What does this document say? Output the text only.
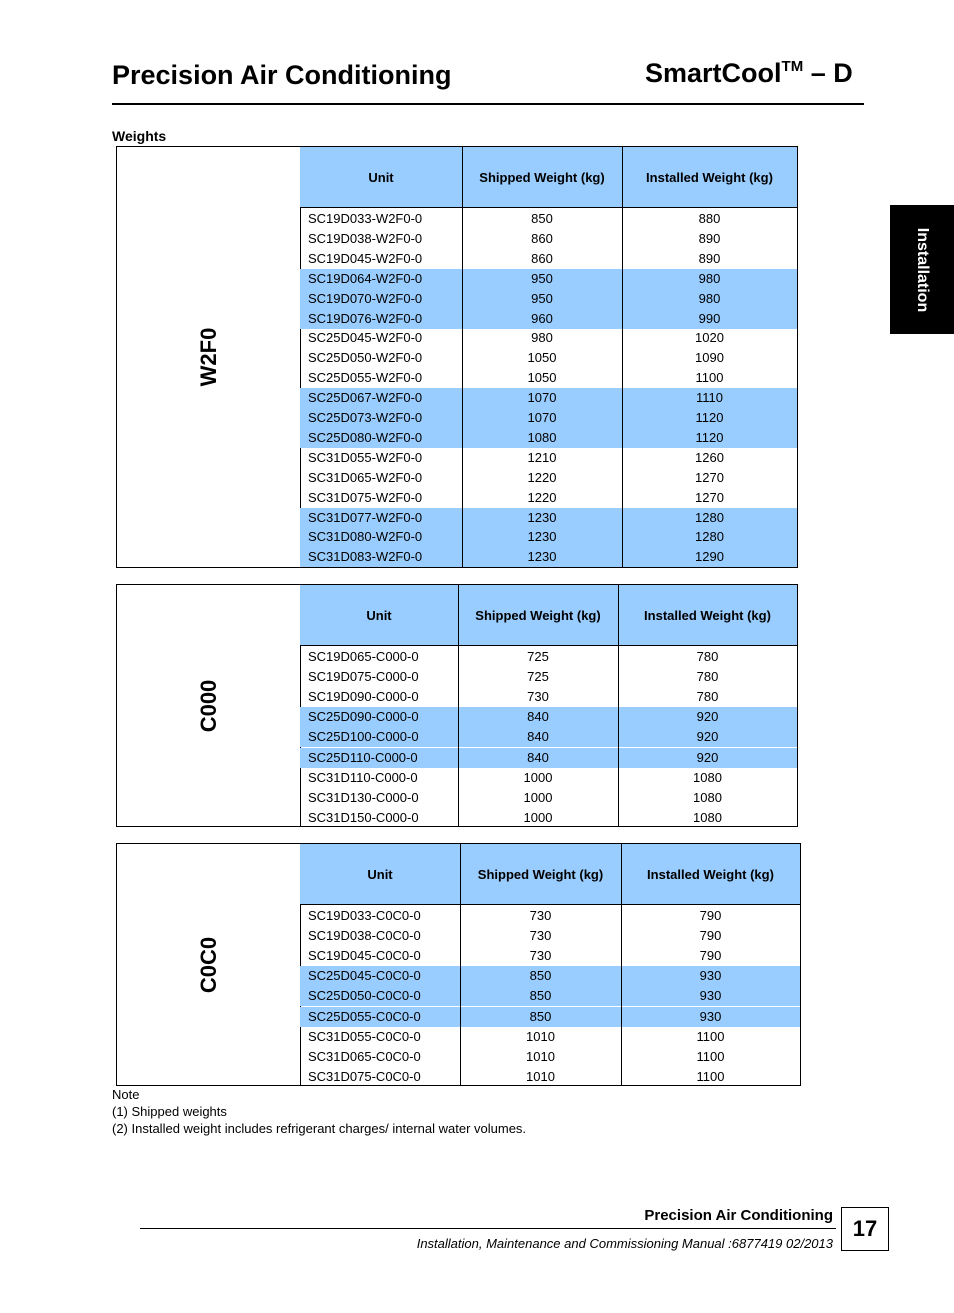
Precision Air Conditioning	SmartCool™ – D
Weights
Installation
W2F0
Unit	Shipped Weight (kg)	Installed Weight (kg)
SC19D033-W2F0-0	850	880
SC19D038-W2F0-0	860	890
SC19D045-W2F0-0	860	890
SC19D064-W2F0-0	950	980
SC19D070-W2F0-0	950	980
SC19D076-W2F0-0	960	990
SC25D045-W2F0-0	980	1020
SC25D050-W2F0-0	1050	1090
SC25D055-W2F0-0	1050	1100
SC25D067-W2F0-0	1070	1110
SC25D073-W2F0-0	1070	1120
SC25D080-W2F0-0	1080	1120
SC31D055-W2F0-0	1210	1260
SC31D065-W2F0-0	1220	1270
SC31D075-W2F0-0	1220	1270
SC31D077-W2F0-0	1230	1280
SC31D080-W2F0-0	1230	1280
SC31D083-W2F0-0	1230	1290
C000
Unit	Shipped Weight (kg)	Installed Weight (kg)
SC19D065-C000-0	725	780
SC19D075-C000-0	725	780
SC19D090-C000-0	730	780
SC25D090-C000-0	840	920
SC25D100-C000-0	840	920
SC25D110-C000-0	840	920
SC31D110-C000-0	1000	1080
SC31D130-C000-0	1000	1080
SC31D150-C000-0	1000	1080
C0C0
Unit	Shipped Weight (kg)	Installed Weight (kg)
SC19D033-C0C0-0	730	790
SC19D038-C0C0-0	730	790
SC19D045-C0C0-0	730	790
SC25D045-C0C0-0	850	930
SC25D050-C0C0-0	850	930
SC25D055-C0C0-0	850	930
SC31D055-C0C0-0	1010	1100
SC31D065-C0C0-0	1010	1100
SC31D075-C0C0-0	1010	1100
Note
(1) Shipped weights
(2) Installed weight includes refrigerant charges/ internal water volumes.
Precision Air Conditioning
Installation, Maintenance and Commissioning Manual :6877419 02/2013
17
